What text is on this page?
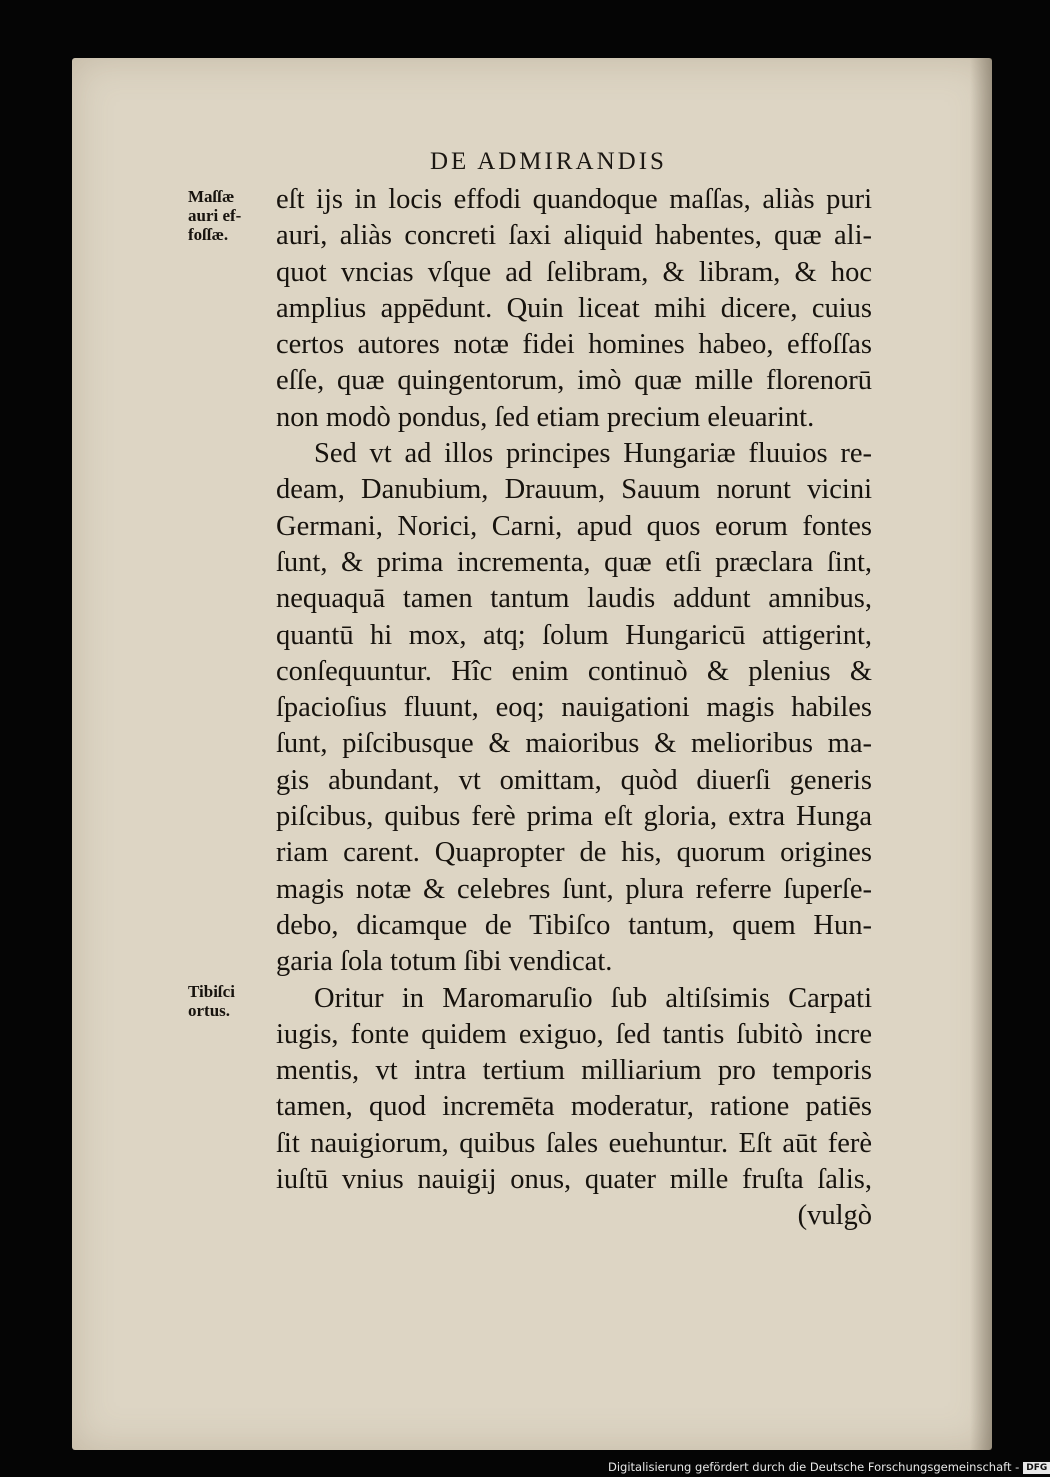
DE ADMIRANDIS
Maſſæ
auri ef-
foſſæ.
Tibiſci
ortus.
eſt ijs in locis effodi quandoque maſſas, aliàs puri
auri, aliàs concreti ſaxi aliquid habentes, quæ ali-
quot vncias vſque ad ſelibram, & libram, & hoc
amplius appēdunt. Quin liceat mihi dicere, cuius
certos autores notæ fidei homines habeo, effoſſas
eſſe, quæ quingentorum, imò quæ mille florenorū
non modò pondus, ſed etiam precium eleuarint.
Sed vt ad illos principes Hungariæ fluuios re-
deam, Danubium, Drauum, Sauum norunt vicini
Germani, Norici, Carni, apud quos eorum fontes
ſunt, & prima incrementa, quæ etſi præclara ſint,
nequaquā tamen tantum laudis addunt amnibus,
quantū hi mox, atq; ſolum Hungaricū attigerint,
conſequuntur. Hîc enim continuò & plenius &
ſpacioſius fluunt, eoq; nauigationi magis habiles
ſunt, piſcibusque & maioribus & melioribus ma-
gis abundant, vt omittam, quòd diuerſi generis
piſcibus, quibus ferè prima eſt gloria, extra Hunga
riam carent. Quapropter de his, quorum origines
magis notæ & celebres ſunt, plura referre ſuperſe-
debo, dicamque de Tibiſco tantum, quem Hun-
garia ſola totum ſibi vendicat.
Oritur in Maromaruſio ſub altiſsimis Carpati
iugis, fonte quidem exiguo, ſed tantis ſubitò incre
mentis, vt intra tertium milliarium pro temporis
tamen, quod incremēta moderatur, ratione patiēs
ſit nauigiorum, quibus ſales euehuntur. Eſt aūt ferè
iuſtū vnius nauigij onus, quater mille fruſta ſalis,
(vulgò
Digitalisierung gefördert durch die Deutsche Forschungsgemeinschaft - DFG
